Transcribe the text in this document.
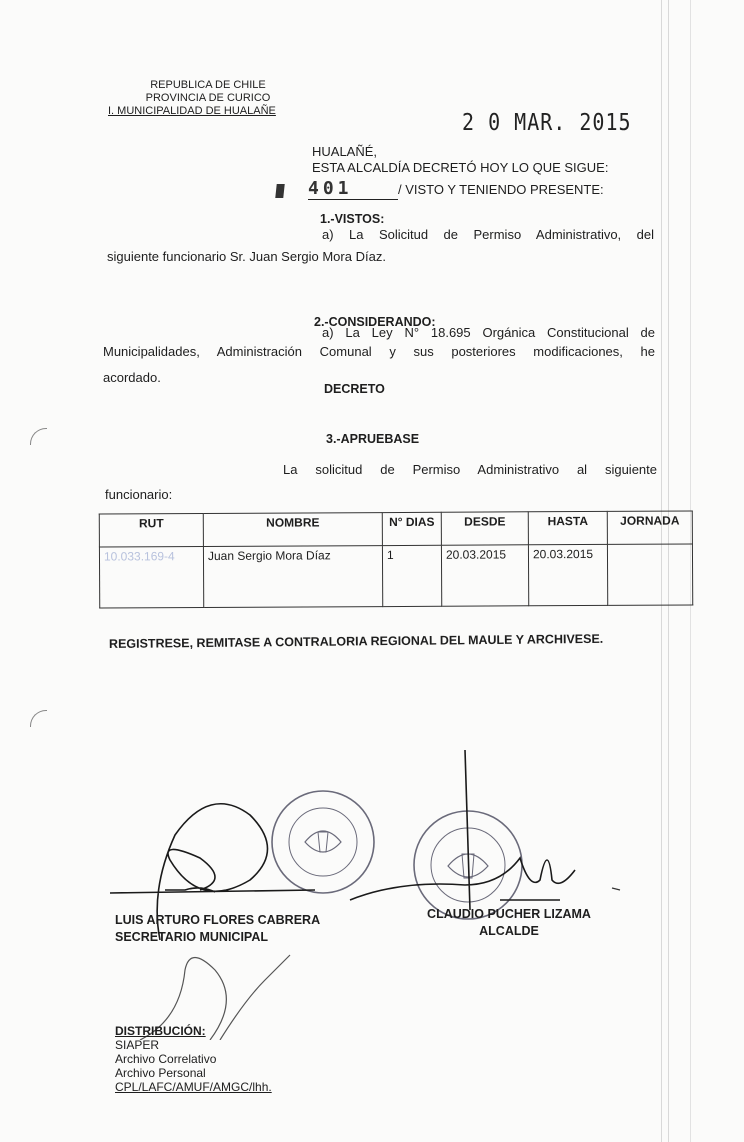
REPUBLICA DE CHILE
PROVINCIA DE CURICO
I. MUNICIPALIDAD DE HUALAÑE	2 0 MAR. 2015
HUALAÑÉ,
ESTA ALCALDÍA DECRETÓ HOY LO QUE SIGUE:
401	/ VISTO Y TENIENDO PRESENTE:
1.-VISTOS:
a) La Solicitud de Permiso Administrativo, del
siguiente funcionario Sr. Juan Sergio Mora Díaz.
2.-CONSIDERANDO:
a) La Ley N° 18.695 Orgánica Constitucional de
Municipalidades, Administración Comunal y sus posteriores modificaciones, he
acordado.
DECRETO
3.-APRUEBASE
La solicitud de Permiso Administrativo al siguiente
funcionario:
RUT	NOMBRE	N° DIAS	DESDE	HASTA	JORNADA
10.033.169-4	Juan Sergio Mora Díaz	1	20.03.2015	20.03.2015	
REGISTRESE, REMITASE A CONTRALORIA REGIONAL DEL MAULE Y ARCHIVESE.
LUIS ARTURO FLORES CABRERA
SECRETARIO MUNICIPAL
CLAUDIO PUCHER LIZAMA
ALCALDE
DISTRIBUCIÓN:
SIAPER
Archivo Correlativo
Archivo Personal
CPL/LAFC/AMUF/AMGC/lhh.
